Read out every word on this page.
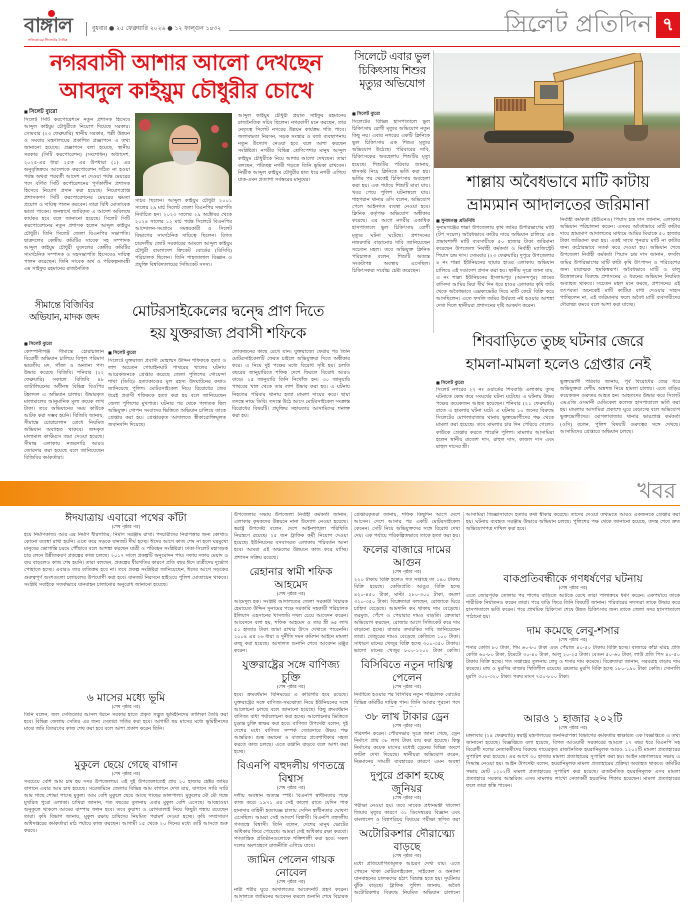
বাঙ্গাল
সত্যিকারের সিলেটের দৈনিক
বুধবার ● ২৫ ফেব্রুয়ারি ২০২৬ ● ১২ ফাল্গুন ১৪৩২	সিলেট প্রতিদিন ৭
নগরবাসী আশার আলো দেখছেন
আবদুল কাইয়ুম চৌধুরীর চোখে
■ সিলেট ব্যুরো
সিলেট সিটি করপোরেশনে নতুন প্রশাসক হিসেবে আব্দুল কাইয়ুম চৌধুরীকে নিয়োগ দিয়েছে সরকার। সোমবার (২৩ ফেব্রুয়ারি) স্থানীয় সরকার, পল্লী উন্নয়ন ও সমবায় মন্ত্রণালয়ের প্রকাশিত প্রজ্ঞাপনে এ তথ্য জানানো হয়েছে। প্রজ্ঞাপনে বলা হয়েছে, স্থানীয় সরকার (সিটি করপোরেশন) (সংশোধন) অধ্যাদেশ, ২০২৫-এর ধারা ২৫ক এর উপধারা (১) এর অনুবৃত্তিক্রমে আদেশকে করপোরেশন গঠিত না হওয়া পর্যন্ত অথবা পরবর্তী আদেশ না দেওয়া পর্যন্ত মেয়রের পদে বর্ণিত সিটি কর্পোরেশনের পূর্ণকালীন প্রশাসক হিসেবে নিয়োগ প্রদান করা হয়েছে। নিয়োগপ্রাপ্ত প্রশাসকগণ সিটি করপোরেশনের মেয়রের ক্ষমতা প্রয়োগ ও দায়িত্ব পালন করবেন। তারা বিধি মোতাবেক ভাতা পাবেন। জনস্বার্থে জারিকৃত এ আদেশ অবিলম্বে কার্যকর হবে বলে জানানো হয়েছে। সিলেট সিটি করপোরেশনের নতুন প্রশাসক হলেন আব্দুল কাইয়ুম চৌধুরী। তিনি সিলেট জেলা বিএনপির সভাপতি। ছাত্রদলের কেন্দ্রীয় কমিটির সাবেক সহ সম্পাদক আব্দুল কাইয়ুম চৌধুরী যুবদলের কেন্দ্রীয় কমিটির সাংগঠনিক সম্পাদক ও সহসভাপতি হিসেবেও দায়িত্ব পালন করেছেন। তিনি সাবেক অর্থ ও পরিকল্পনামন্ত্রী এম সাইফুর রহমানের রাজনৈতিক
সচিব ছিলেন। আব্দুল কাইয়ুম চৌধুরী ২০০১ সালের ২৯ মার্চ সিলেট জেলা বিএনপির সভাপতি নির্বাচিত হন। ২০২৩ সালের ২৯ অক্টোবর থেকে ২০২৪ সালের ১২ মার্চ পর্যন্ত সিলেটে বিএনপির আন্দোলন-সংগ্রামে সমন্বয়কারী ও সিলেট বিভাগের সাংগঠনিক দায়িত্বে ছিলেন। বিগত চারদলীয় জোট সরকারের আমলে আব্দুল কাইয়ুম চৌধুরী বাংলাদেশ ক্রিকেট বোর্ডের (বিসিবি) পরিচালক ছিলেন। তিনি শাহজালাল বিজ্ঞান ও প্রযুক্তি বিশ্ববিদ্যালয়ের সিন্ডিকেট সদস্য।
আব্দুল কাইয়ুম চৌধুরী প্রয়াত সাইফুর রহমানের রাজনৈতিক সচিব ছিলেন। নগরবাসী মনে করছেন, তার নেতৃত্বে সিলেট নগরের উন্নয়ন কার্যক্রম গতি পাবে। জলাবদ্ধতা নিরসন, সড়ক সংস্কার ও বর্জ্য ব্যবস্থাপনায় নতুন উদ্যোগ নেওয়া হবে বলে আশা করছেন সংশ্লিষ্টরা। নগরীর বিভিন্ন শ্রেণিপেশার মানুষ আব্দুল কাইয়ুম চৌধুরীকে নিয়ে আশার আলো দেখছেন। তারা বলছেন, পরিচ্ছন্ন নগরী গড়তে তিনি ভূমিকা রাখবেন। নির্ভীক আব্দুল কাইয়ুম চৌধুরীর হাত ধরে নগরী এগিয়ে যাক-এমন প্রত্যাশা সর্বস্তরের মানুষের।
সিলেটে এবার ভুল চিকিৎসায় শিশুর মৃত্যুর অভিযোগ
■ সিলেট ব্যুরো
সিলেটের বিভিন্ন হাসপাতালে ভুল চিকিৎসায় রোগী মৃত্যুর অভিযোগ নতুন কিছু নয়। এবার নগরের একটি ক্লিনিকে ভুল চিকিৎসায় এক শিশুর মৃত্যুর অভিযোগ উঠেছে। পরিবারের দাবি, চিকিৎসকের অবহেলায় শিশুটির মৃত্যু হয়েছে। শিশুটির পরিবার জানায়, শ্বাসকষ্ট নিয়ে ক্লিনিকে ভর্তি করা হয়। ভর্তির পর থেকেই চিকিৎসায় অবহেলা করা হয়। এক পর্যায়ে শিশুটি মারা যায়। খবর পেয়ে পুলিশ ঘটনাস্থলে যায়। শাহপরান থানার ওসি বলেন, অভিযোগ পেলে আইনগত ব্যবস্থা নেওয়া হবে। ক্লিনিক কর্তৃপক্ষ অভিযোগ অস্বীকার করেছে। এর আগে নগরীর একাধিক হাসপাতালে ভুল চিকিৎসায় রোগী মৃত্যুর ঘটনা ঘটেছে। প্রশাসনের নজরদারি বাড়ানোর দাবি জানিয়েছেন সচেতন মহল। তবে অভিযুক্ত ক্লিনিক পরিচালক বলেন, শিশুটি অত্যন্ত সংকটাপন্ন অবস্থায় এসেছিল। চিকিৎসকরা সর্বোচ্চ চেষ্টা করেছেন।
শাল্লায় অবৈধভাবে মাটি কাটায়
ভ্রাম্যমান আদালতের জরিমানা
■ সুনামগঞ্জ প্রতিনিধি
সুনামগঞ্জের শাল্লা উপজেলায় কৃষি জমির উপরিভাগের মাটি (টপ সয়েল) অবৈধভাবে কাটার দায়ে অভিযান চালিয়ে এক প্রভাবশালী মাটি ব্যবসায়ীকে ৫০ হাজার টাকা জরিমানা করেছেন উপজেলা নির্বাহী কর্মকর্তা ও নির্বাহী ম্যাজিস্ট্রেট পিয়াস চন্দ্র দাস। সোমবার (২৩ ফেব্রুয়ারি) দুপুরে উপজেলার ৪ নং শাল্লা ইউনিয়নের ছায়ার হাওর এলাকায় অভিযান চালিয়ে এই দণ্ডাদেশ প্রদান করা হয়। স্থানীয় সূত্রে জানা যায়, এ নং শাল্লা ইউনিয়নের ইসলামপুর (আনন্দপুর) গ্রামের বাসিন্দা আমির মিয়া দীর্ঘ দিন ধরে হাওর এলাকার কৃষি জমি থেকে অবৈধভাবে এক্সকাভেটর দিয়ে মাটি কেটে বিক্রি করে আসছিলেন। এতে ফসলি জমির উর্বরতা নষ্ট হওয়ার আশঙ্কা দেখা দিলে স্থানীয়রা প্রশাসনের দৃষ্টি আকর্ষণ করেন।
নির্বাহী কর্মকর্তা (ইউএনও) পিয়াস চন্দ্র দাস জানান, এলাকায় অভিযান পরিচালনা করেন। এসময় অবৈধভাবে মাটি কাটার দায়ে ভ্রাম্যমাণ আদালতের মাধ্যমে আমির মিয়াকে ৫০ হাজার টাকা জরিমানা করা হয়। একই সাথে পুনরায় মাটি না কাটার জন্য কঠোরভাবে সতর্ক করে দেওয়া হয়। অভিযান শেষে উপজেলা নির্বাহী কর্মকর্তা পিয়াস চন্দ্র দাস জানান, ফসলি জমির উপরিভাগের মাটি কাটা কৃষি উৎপাদন ও পরিবেশের জন্য মারাত্মক হুমকিস্বরূপ। অবৈধভাবে মাটি ও বালু উত্তোলনের বিরুদ্ধে প্রশাসনের এ ধরনের অভিযান নিয়মিত অব্যাহত থাকবে। সচেতন মহল মনে করছে, প্রশাসনের এই তৎপরতা অনেকেই মাটি কাটিয়া বাধা দেওয়ার সাহস পাচ্ছিলেন না, এই জরিমানার ফলে অবৈধ মাটি ব্যবসায়ীদের দৌরাত্ম্য কমবে বলে আশা করা যাচ্ছে।
সীমান্তে বিজিবির অভিযান, মাদক জব্দ
■ সিলেট ব্যুরো
কোম্পানীগঞ্জ সীমান্তে চোরাচালান বিরোধী অভিযান চালিয়ে বিপুল পরিমাণ ভারতীয় মদ, গাঁজা ও অন্যান্য পণ্য উদ্ধার করেছে বিজিবি। শনিবার (২২ ফেব্রুয়ারি) সকালে বিজিবি ৪৮ ব্যাটালিয়নের অধীনস্থ বিভিন্ন বিওপির টহলদল এ অভিযান চালায়। উদ্ধারকৃত মালামালের আনুমানিক মূল্য কয়েক লাখ টাকা। তবে অভিযানের সময় কাউকে আটক করা সম্ভব হয়নি। বিজিবি জানায়, সীমান্তে চোরাচালান রোধে নিয়মিত অভিযান অব্যাহত থাকবে। জব্দকৃত মালামাল কাস্টমসে জমা দেওয়া হয়েছে। সীমান্ত এলাকায় নজরদারি আরও জোরদার করা হয়েছে বলে জানিয়েছেন বিজিবির কর্মকর্তারা।
মোটরসাইকেলের দ্বন্দ্বে প্রাণ দিতে
হয় যুক্তরাজ্য প্রবাসী শফিকে
■ সিলেট ব্যুরো
সিলেটে যুক্তরাজ্য প্রবাসী মোহাম্মদ উদ্দিন শফিককে হত্যা ও লাশ অচেতন গোয়াইনঘাট পাথরের খালের ঘটনায় আরেকজনকে গ্রেপ্তার করেছে জেলা পুলিশের গোয়েন্দা শাখা (ডিবি)। হত্যাকাণ্ডের মূল রহস্য উদঘাটনের কথাও জানিয়েছে পুলিশ। মোটরসাইকেল নিয়ে বিরোধের জের ধরেই প্রবাসী শফিককে হত্যা করা হয় বলে জানিয়েছেন জেলা পুলিশের মুখপাত্র। ঘটনার পর থেকে পলাতক ছিল অভিযুক্ত। গোপন সংবাদের ভিত্তিতে অভিযান চালিয়ে তাকে গ্রেপ্তার করা হয়। গ্রেপ্তারকৃত আদালতে স্বীকারোক্তিমূলক জবানবন্দি দিয়েছে।
লোকজনের কাছে রেখে যান। যুক্তরাজ্যে ফেরার পর তিনি মোটরসাইকেলটি ফেরত চাইলে অভিযুক্তরা দিতে অস্বীকার করে। এ নিয়ে দুই পক্ষের মধ্যে বিরোধ সৃষ্টি হয়। চলতি বছরের জানুয়ারিতে শফিক দেশে ফিরলে বিরোধ আরও বাড়ে। ২৫ জানুয়ারি তিনি নিখোঁজ হন। ৩০ জানুয়ারি পাথরের খাল থেকে তার লাশ উদ্ধার করা হয়। এ ঘটনায় নিহতের পরিবার থানায় হত্যা মামলা দায়ের করে। ছায়া তদন্তে নামে ডিবি। তদন্তে উঠে আসে মোটরসাইকেল সংক্রান্ত বিরোধের বিষয়টি। প্রযুক্তির সহায়তায় আসামিদের শনাক্ত করা হয়।
শিববাড়িতে তুচ্ছ ঘটনার জেরে
হামলা-মামলা হলেও গ্রেপ্তার নেই
■ সিলেট ব্যুরো
সিলেট নগরের ২৭ নং ওয়ার্ডের শিববাড়ি এলাকায় তুচ্ছ ঘটনাকে কেন্দ্র করে সংঘর্ষের ঘটনা ঘটেছে। এ ঘটনায় উভয় পক্ষের কয়েকজন আহত হয়েছেন। শনিবার (২১ ফেব্রুয়ারি) রাতে এ হামলার ঘটনা ঘটে। এ ঘটনার ১০ জনের বিরুদ্ধে সিলেটের মোগলাবাজার থানায় ভুক্তভোগীদের পক্ষ থেকে মামলা করা হয়েছে। তবে মামলার চার দিন পেরিয়ে গেলেও কাউকে গ্রেপ্তার করতে পারেনি পুলিশ। মামলার আসামিরা হলেন স্থানীয় রাজেশ দাস, রাহুল দাস, কাজল দাস এবং রাহুল দাসের স্ত্রী।
ভুক্তভোগী পরিবার জানায়, পূর্ব বিরোধের জের ধরে অভিযুক্তরা দেশীয় অস্ত্রশস্ত্র নিয়ে হামলা চালায়। এতে বাড়ির কয়েকজন গুরুতর আহত হন। আহতদের উদ্ধার করে সিলেট এমএজি ওসমানী মেডিকেল কলেজ হাসপাতালে ভর্তি করা হয়। মামলার আসামিরা প্রকাশ্যে ঘুরে বেড়াচ্ছে বলে অভিযোগ ভুক্তভোগীদের। মোগলাবাজার থানার ভারপ্রাপ্ত কর্মকর্তা (ওসি) বলেন, পুলিশ বিষয়টি গুরুত্বের সঙ্গে দেখছে। আসামিদের গ্রেপ্তারে অভিযান চলছে।
খবর
ঈদযাত্রায় এবারো পথের কাঁটা
(শেষ পৃষ্ঠার পর)
হয়ে নির্মাণকাজ। আর এর নির্মাণ ধীরগতির, নির্মাণ সরঞ্জাম রাখা। পদচারীদের নিরাপত্তার জন্য কোথাও কোনো ব্যবস্থা রাখা হয়নি। এতে করে সড়কে যানজট দীর্ঘ হচ্ছে। ঈদের আগে কাজ শেষ না হলে ঘরমুখো মানুষের ভোগান্তি চরমে পৌঁছাবে বলে আশঙ্কা করছেন যাত্রী ও পরিবহন সংশ্লিষ্টরা। ঢাকা-সিলেট মহাসড়ক চার লেনে উন্নীতকরণ প্রকল্পের কাজ চলছে। ২০১৭ সালে প্রকল্পটি অনুমোদন পায়। দফায় দফায় মেয়াদ ও ব্যয় বাড়লেও কাজ শেষ হয়নি। তারা বলছেন, প্রকল্পের ধীরগতির কারণে প্রতি বছর ঈদে যাত্রীদের দুর্ভোগ পোহাতে হচ্ছে। এবারও তার ব্যতিক্রম হবে না। তবে প্রকল্প সংশ্লিষ্টরা জানিয়েছেন, ঈদের আগে সড়কের গুরুত্বপূর্ণ অংশগুলো চলাচলের উপযোগী করা হবে। যানজট নিরসনে হাইওয়ে পুলিশ মোতায়েন থাকবে। সংশ্লিষ্ট সবাইকে সতর্কভাবে যানবাহন চালানোর অনুরোধ জানানো হয়েছে।
৬ মাসের মধ্যে ভূমি
(শেষ পৃষ্ঠার পর)
তিনি বলেন, জল সেতিতোর আসল ধরনে সরকার হাতে প্রকৃত সদ্ভূত ভূমিহীনদের তালিকা তৈরি করা হবে। বিভিন্ন জেলায় সেতির এর জন্য সেতারা গর্তির করা হবে। আগামী ছয় মাসের মধ্যে ভূমিহীনদের মাঝে জমি বিতরণের কাজ শেষ করা হবে বলে আশা প্রকাশ করেন তিনি।
মুকুলে ছেয়ে গেছে বাগান
(শেষ পৃষ্ঠার পর)
সবচেয়ে বেশি আম চাষ হয় সদর উপজেলায়। এই দুই উপজেলাতেই প্রায় ২০ হাজার হেক্টর জমির বাগানে এবার আম চাষ হয়েছে। সরেজমিনে জেলার বিভিন্ন আম বাগানে দেখা যায়, বাগানে সারি সারি আম গাছে শোভা পাচ্ছে মুকুল। আম বেশি মুকুলে ছেয়ে আছে গাছের ডালপালা। মুকুলের মৌ মৌ গন্ধে মুখরিত পুরো এলাকা। চাষিরা জানান, গত বছরের তুলনায় এবার মুকুল বেশি এসেছে। আবহাওয়া অনুকূলে থাকলে আমের বাম্পার ফলন হবে। তবে কুয়াশা ও রোগবালাই নিয়ে কিছুটা শঙ্কায় রয়েছেন তারা। কৃষি বিভাগ জানায়, মুকুল রক্ষায় চাষিদের নিয়মিত পরামর্শ দেওয়া হচ্ছে। কৃষি সম্প্রসারণ অধিদপ্তরের কর্মকর্তারা মাঠ পর্যায়ে কাজ করছেন। আগামী ১৫ থেকে ২০ দিনের মধ্যে গুটি আসতে শুরু করবে।
উপজেলার সভায় উপজেলা নির্বাহী কর্মকর্তা জানান, এলাকার কৃষকদের উন্নয়নে নানা উদ্যোগ নেওয়া হয়েছে। স্বরাষ্ট্র উপদেষ্টা বলেন, দেশে আইনশৃঙ্খলা পরিস্থিতি নিয়ন্ত্রণে রয়েছে। ২৫ জন ট্রাফিক কর্মী নিয়োগ দেওয়া হয়েছে। ইউনিয়নের বসবাসরত এলাকায় পরিবর্তন আনা হবে। আমরা এই অঞ্চলের উন্নয়নে কাজ করে যাচ্ছি। প্রশাসন সক্রিয় রয়েছে।
রেহানার স্বামী শফিক আহমেদ
(শেষ পৃষ্ঠার পর)
আমেদুল হক। সংশ্লিষ্ট আদালতের জেলা সরকারী বিচারক হেমায়েত উদ্দিন সুনামের পক্ষে সরকারি সহকারী পরিচালক ইলিয়াস এহসানের খাসজমি দখল চেয়ে আবেদন করেন। আবেদনে বলা হয়, শফিক আহমেদ ও তার স্ত্রী ৬৫ লাখ ৫১ হাজার টাকা জামা রাখার উৎস দেখাতে পারেননি। ২০০৪ এর ২৬ ধারা ও দুর্নীতি দমন কমিশন আইনে মামলা রুজু করা হয়েছে। আদালত শুনানি শেষে আবেদন মঞ্জুর করেন।
যুক্তরাষ্ট্রের সঙ্গে বাণিজ্য চুক্তি
(শেষ পৃষ্ঠার পর)
হবে। ক্রমবর্ধমান বিনিময়ের এ কারিগরি হবে রয়েছে। যুক্তরাষ্ট্রের সঙ্গে বাণিজ্য-সমঝোতা নিয়ে ইউনিয়নের সঙ্গে আলোচনা চলছে বলে জানানো হয়েছে। কিছু ক্রমবর্ধমান বাণিজ্য বাধা পর্যালোচনা করা হচ্ছে। আলোচনার ভিত্তিতে চূড়ান্ত চুক্তি স্বাক্ষর করা হবে। বাণিজ্য উপদেষ্টা বলেন, দুই দেশের মধ্যে বাণিজ্য সম্পর্ক জোরদারে উভয় পক্ষ আন্তরিক। শুল্ক কমানো ও বাজারে প্রবেশাধিকার সহজ করতে কাজ চলছে। এতে রপ্তানি বাড়বে বলে আশা করা হচ্ছে।
বিএনপি বহুদলীয় গণতন্ত্রে বিশ্বাস
(শেষ পৃষ্ঠার পর)
দলীয় অবস্থান অত্যন্ত স্পষ্ট। বিএনপি স্বাধীনতার পক্ষে কাজ করে। ১৯৭১ এর সেই কালো রাতে যেদিন পাক হানাদার বাহিনী হত্যাযজ্ঞ চালায় সেদিন স্বাধীনতার ঘোষণা এসেছিল। আমরা সেই আদর্শে বিশ্বাসী। বিএনপি বহুদলীয় গণতন্ত্রে বিশ্বাসী। তিনি বলেন, দেশের মানুষ ভোটের অধিকার ফিরে পেয়েছে। আমরা সেই অধিকার রক্ষা করবো। গণতান্ত্রিক প্রতিষ্ঠানগুলোকে শক্তিশালী করা হবে। সকল দলের অংশগ্রহণে রাজনীতি এগিয়ে যাবে।
জামিন পেলেন গায়ক নোবেল
(শেষ পৃষ্ঠার পর)
নারী শরীর ঘুরে আদালতের আবেদনটি গ্রহণ করেন। আদালতে জামিনের আবেদন করলে শুনানি শেষে বিচারক
গ্রেপ্তারকৃতরা জানায়, শফিক কিছুদিন আগে দেশে আসেন। দেশে আসার পর একটি মোটরসাইকেল কেনেন। সেটি নিয়ে অভিযুক্তদের সঙ্গে বিরোধ দেখা দেয়। এক পর্যায়ে পরিকল্পিতভাবে তাকে হত্যা করা হয়।
ফলের বাজারে দামের আগুন
(শেষ পৃষ্ঠার পর)
২২০ টাকায় বিক্রি হলেও গত সপ্তাহে তা ১৪০ টাকায় বিক্রি হয়েছে। কেজিপ্রতি আঙুর বিক্রি হচ্ছে ৪২০-৪৫০ টাকা, মাল্টা ২৮০-৩০০ টাকা, কমলা ৩২০-৩৫০ টাকা। বিক্রেতারা বলছেন, রোজাকে ঘিরে চাহিদা বেড়েছে। আমদানি কম থাকায় দাম বেড়েছে। তরমুজ, পেঁপে ও পেয়ারার দামও বাড়তি। ক্রেতারা অভিযোগ করছেন, রোজার আগে সিন্ডিকেট করে দাম বাড়ানো হচ্ছে। বাজার তদারকির দাবি জানিয়েছেন তারা। খেজুরের দামও বেড়েছে কেজিতে ১০০ টাকা। সাধারণ মানের খেজুর বিক্রি হচ্ছে ৩০০-৩৫০ টাকায়। ভালো মানের খেজুর ৮০০-১২০০ টাকা কেজি।
বিসিবিতে নতুন দায়িত্ব পেলেন
(শেষ পৃষ্ঠার পর)
নির্বাচিত হওয়ার পর বিসিবির নতুন পরিচালক বোর্ডের বিভিন্ন কমিটির দায়িত্ব পান। তিনি আবার পুরনো পদে
৩৮ লাখ টাকার ড্রেন
(শেষ পৃষ্ঠার পর)
পরিদর্শন করেন। পৌরসভার সূত্রে জানা গেছে, ড্রেন নির্মাণে প্রায় ৩৮ লাখ টাকা ব্যয় করা হয়েছে। কিন্তু নির্মাণের কয়েক মাসের মধ্যেই ড্রেনের বিভিন্ন অংশে ফাটল দেখা দিয়েছে। স্থানীয়রা অভিযোগ করেন, নিম্নমানের সামগ্রী ব্যবহারের কারণে এমন অবস্থা
দুপুরে প্রকাশ হচ্ছে জুনিয়র
(শেষ পৃষ্ঠার পর)
পরীক্ষা নেওয়া হয়। তবে সাবেক প্রধানমন্ত্রী খালেদা জিয়ার মৃত্যুর কারণে ৩১ ডিসেম্বরের বিজ্ঞান এবং বাংলাদেশ ও বিশ্বপরিচয় বিষয়ের পরীক্ষা স্থগিত করা
অটোরিকশার দৌরাত্ম্যে বাড়ছে
(শেষ পৃষ্ঠার পর)
মধ্যে প্রতিযোগিতামূলক আচরণ দেখা যায়। এতে পেছনে থাকা মোটরসাইকেল, সাইকেল ও অন্যান্য যানবাহনের চালকদের হঠাৎ বিভ্রান্ত হতে হয়। দুর্ঘটনার ঝুঁকি বাড়ছে। ট্রাফিক পুলিশ জানায়, অবৈধ অটোরিকশার বিরুদ্ধে নিয়মিত অভিযান চালানো
আসামিরা জিজ্ঞাসাবাদে হত্যার কথা স্বীকার করেছে। তাদের দেওয়া তথ্যমতে আরও একজনকে গ্রেপ্তার করা হয়। ঘটনায় ব্যবহৃত সরঞ্জাম উদ্ধারে অভিযান চলছে। পুলিশের পক্ষ থেকে জানানো হয়েছে, তদন্ত শেষে দ্রুত অভিযোগপত্র দাখিল করা হবে।
বাকপ্রতিবন্ধীকে গণধর্ষণের ঘটনায়
(শেষ পৃষ্ঠার পর)
এতে জোরপূর্বক তোলার পর পাশের বাড়িতে আটকে রেখে তারা পালাক্রমে ধর্ষণ করেন। একপর্যায়ে তাকে শারীরিক নির্যাতনও করেন তারা। পরে বাড়ি ফিরে তিনি বিষয়টি জানান। পরিবারের সদস্যরা তাকে উদ্ধার করে হাসপাতালে ভর্তি করেন। পরে প্রাথমিক চিকিৎসা শেষে উন্নত চিকিৎসার জন্য তাকে জেলা সদর হাসপাতালে পাঠানো হয়।
দাম কমেছে লেবু-শসার
(শেষ পৃষ্ঠার পর)
শসার কেজি ৮০ টাকা, শিম ৬০-৮০ টাকা এবং পেঁয়াজ ৪০-৫০ টাকায় বিক্রি হচ্ছে। বাজারে কাঁচা মরিচ প্রতি কেজি ৬০-৮০ টাকা, টমেটো ৩০-৪০ টাকা, আলু ২০-২৫ টাকা। বেগুন ৫০-৬০ টাকা, লাউ প্রতি পিস ৪০-৫০ টাকায় বিক্রি হচ্ছে। গত সপ্তাহের তুলনায় লেবু ও শসার দাম কমেছে। বিক্রেতারা জানান, সরবরাহ বাড়ায় দাম কমেছে। মাছ ও মুরগির বাজার স্থিতিশীল রয়েছে। ব্রয়লার মুরগি বিক্রি হচ্ছে ১৮০-১৯০ টাকা কেজি। সোনালি মুরগি ৩০০-৩২০ টাকা। গরুর মাংস ৭৫০-৮০০ টাকা।
আরও ১ হাজার ২০২টি
(শেষ পৃষ্ঠার পর)
মঙ্গলবার (২৪ ফেব্রুয়ারি) স্বরাষ্ট্র মন্ত্রণালয়ের জননিরাপত্তা বিভাগের কর্মকর্তার স্বাক্ষরিত এক বিজ্ঞপ্তিতে এ তথ্য জানানো হয়েছে। বিজ্ঞপ্তিতে বলা হয়েছে, বিগত আওয়ামী সরকারের আমলে ১৭ বছর ধরে বিএনপি সহ বিরোধী দলের নেতাকর্মীদের বিরুদ্ধে দায়েরকৃত রাজনৈতিক হয়রানিমূলক আরও ১২০২টি মামলা প্রত্যাহারের সুপারিশ করা হয়েছে। এর আগে ৩০ হাজার মামলা প্রত্যাহারের সুপারিশ করা হয়। আইন মন্ত্রণালয়ের সভায় এ সিদ্ধান্ত নেওয়া হয়। আইন উপদেষ্টা বলেন, হয়রানিমূলক মামলা প্রত্যাহারের প্রক্রিয়া অব্যাহত থাকবে। কমিটির সভায় মোট ১২০২টি মামলা প্রত্যাহারের সুপারিশ করা হয়েছে। রাজনৈতিক হয়রানিমূলক এসব মামলা প্রত্যাহারে সরকার আন্তরিক। এসব মামলায় লাখো নেতাকর্মী হয়রানির শিকার হয়েছেন। মামলা প্রত্যাহারের ফলে তারা স্বস্তি পাবেন।
